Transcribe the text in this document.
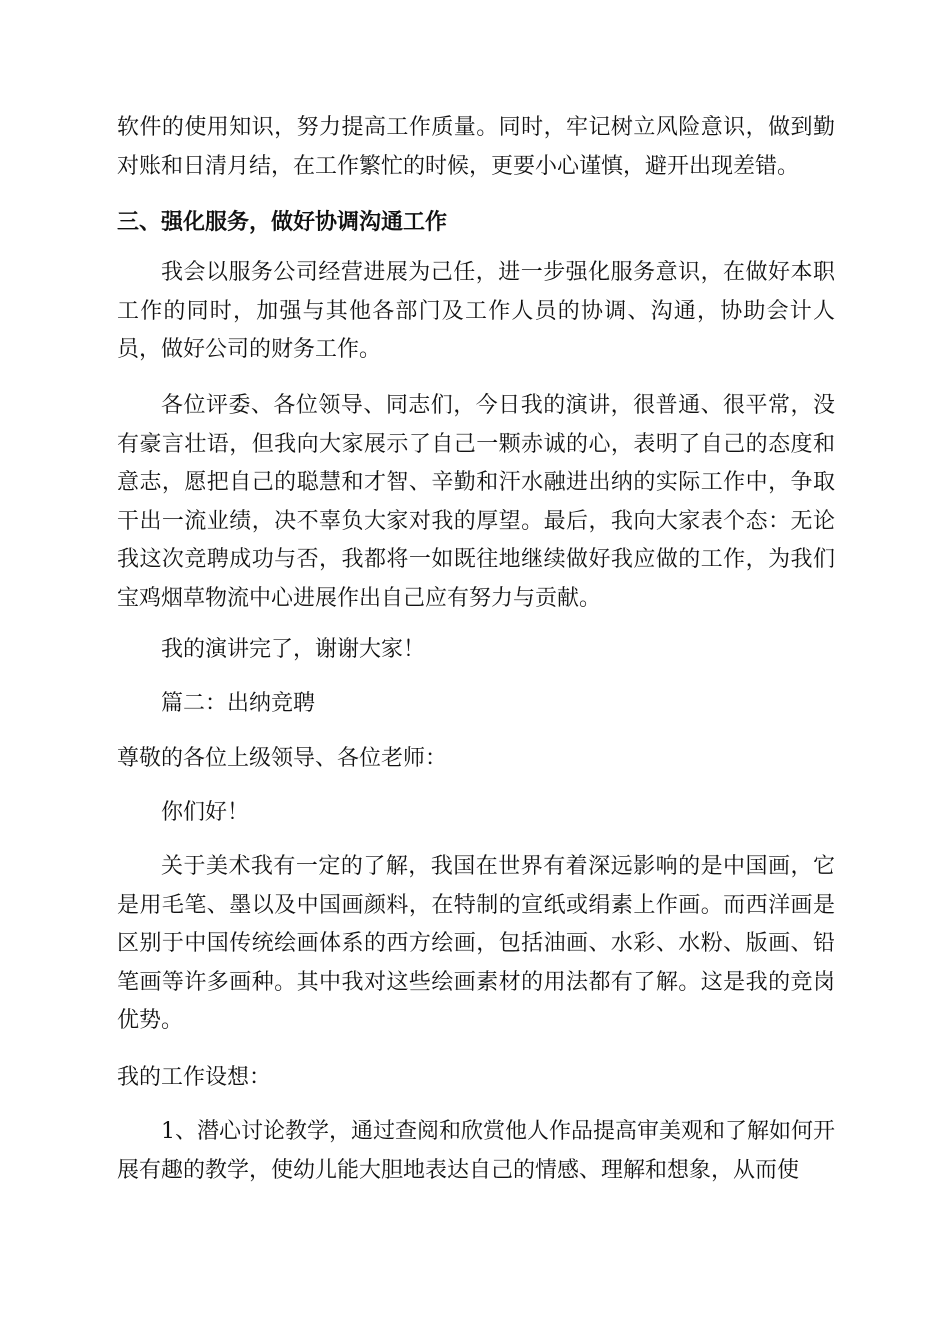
软件的使用知识，努力提高工作质量。同时，牢记树立风险意识，做到勤对账和日清月结，在工作繁忙的时候，更要小心谨慎，避开出现差错。

三、强化服务，做好协调沟通工作

我会以服务公司经营进展为己任，进一步强化服务意识，在做好本职工作的同时，加强与其他各部门及工作人员的协调、沟通，协助会计人员，做好公司的财务工作。

各位评委、各位领导、同志们，今日我的演讲，很普通、很平常，没有豪言壮语，但我向大家展示了自己一颗赤诚的心，表明了自己的态度和意志，愿把自己的聪慧和才智、辛勤和汗水融进出纳的实际工作中，争取干出一流业绩，决不辜负大家对我的厚望。最后，我向大家表个态：无论我这次竞聘成功与否，我都将一如既往地继续做好我应做的工作，为我们宝鸡烟草物流中心进展作出自己应有努力与贡献。

我的演讲完了，谢谢大家！

篇二：出纳竞聘

尊敬的各位上级领导、各位老师：

你们好！

关于美术我有一定的了解，我国在世界有着深远影响的是中国画，它是用毛笔、墨以及中国画颜料，在特制的宣纸或绢素上作画。而西洋画是区别于中国传统绘画体系的西方绘画，包括油画、水彩、水粉、版画、铅笔画等许多画种。其中我对这些绘画素材的用法都有了解。这是我的竞岗优势。

我的工作设想：

1、潜心讨论教学，通过查阅和欣赏他人作品提高审美观和了解如何开展有趣的教学，使幼儿能大胆地表达自己的情感、理解和想象，从而使
